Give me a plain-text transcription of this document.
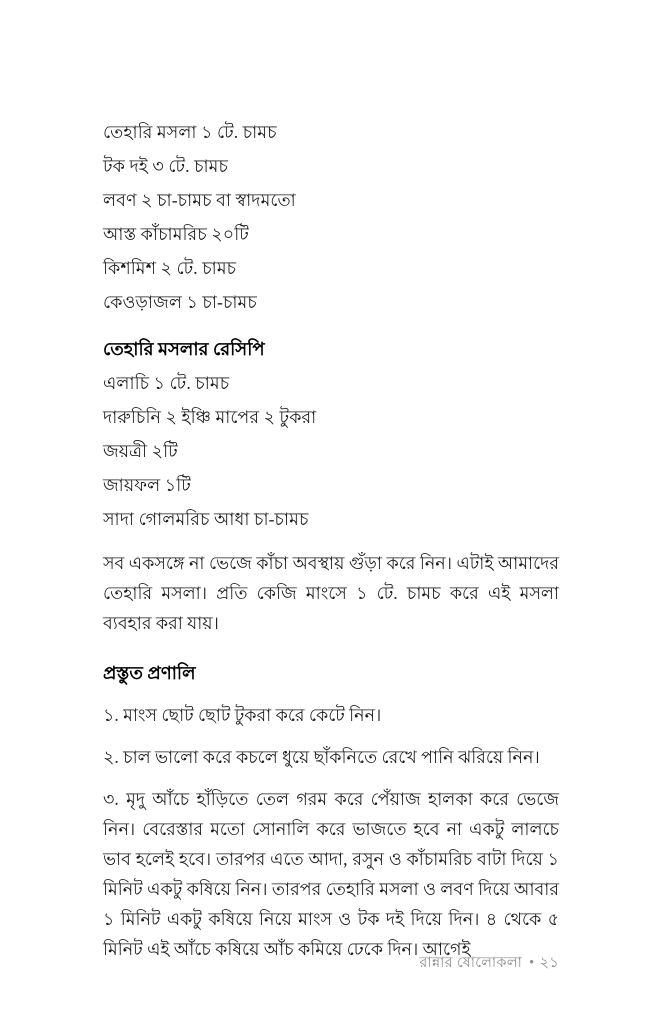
তেহারি মসলা ১ টে. চামচ
টক দই ৩ টে. চামচ
লবণ ২ চা-চামচ বা স্বাদমতো
আস্ত কাঁচামরিচ ২০টি
কিশমিশ ২ টে. চামচ
কেওড়াজল ১ চা-চামচ
তেহারি মসলার রেসিপি
এলাচি ১ টে. চামচ
দারুচিনি ২ ইঞ্চি মাপের ২ টুকরা
জয়ত্রী ২টি
জায়ফল ১টি
সাদা গোলমরিচ আধা চা-চামচ

সব একসঙ্গে না ভেজে কাঁচা অবস্থায় গুঁড়া করে নিন। এটাই আমাদের তেহারি মসলা। প্রতি কেজি মাংসে ১ টে. চামচ করে এই মসলা ব্যবহার করা যায়।

প্রস্তুত প্রণালি

১. মাংস ছোট ছোট টুকরা করে কেটে নিন।

২. চাল ভালো করে কচলে ধুয়ে ছাঁকনিতে রেখে পানি ঝরিয়ে নিন।

৩. মৃদু আঁচে হাঁড়িতে তেল গরম করে পেঁয়াজ হালকা করে ভেজে নিন। বেরেস্তার মতো সোনালি করে ভাজতে হবে না একটু লালচে ভাব হলেই হবে। তারপর এতে আদা, রসুন ও কাঁচামরিচ বাটা দিয়ে ১ মিনিট একটু কষিয়ে নিন। তারপর তেহারি মসলা ও লবণ দিয়ে আবার ১ মিনিট একটু কষিয়ে নিয়ে মাংস ও টক দই দিয়ে দিন। ৪ থেকে ৫ মিনিট এই আঁচে কষিয়ে আঁচ কমিয়ে ঢেকে দিন। আগেই

রান্নার ষোলোকলা • ২১
